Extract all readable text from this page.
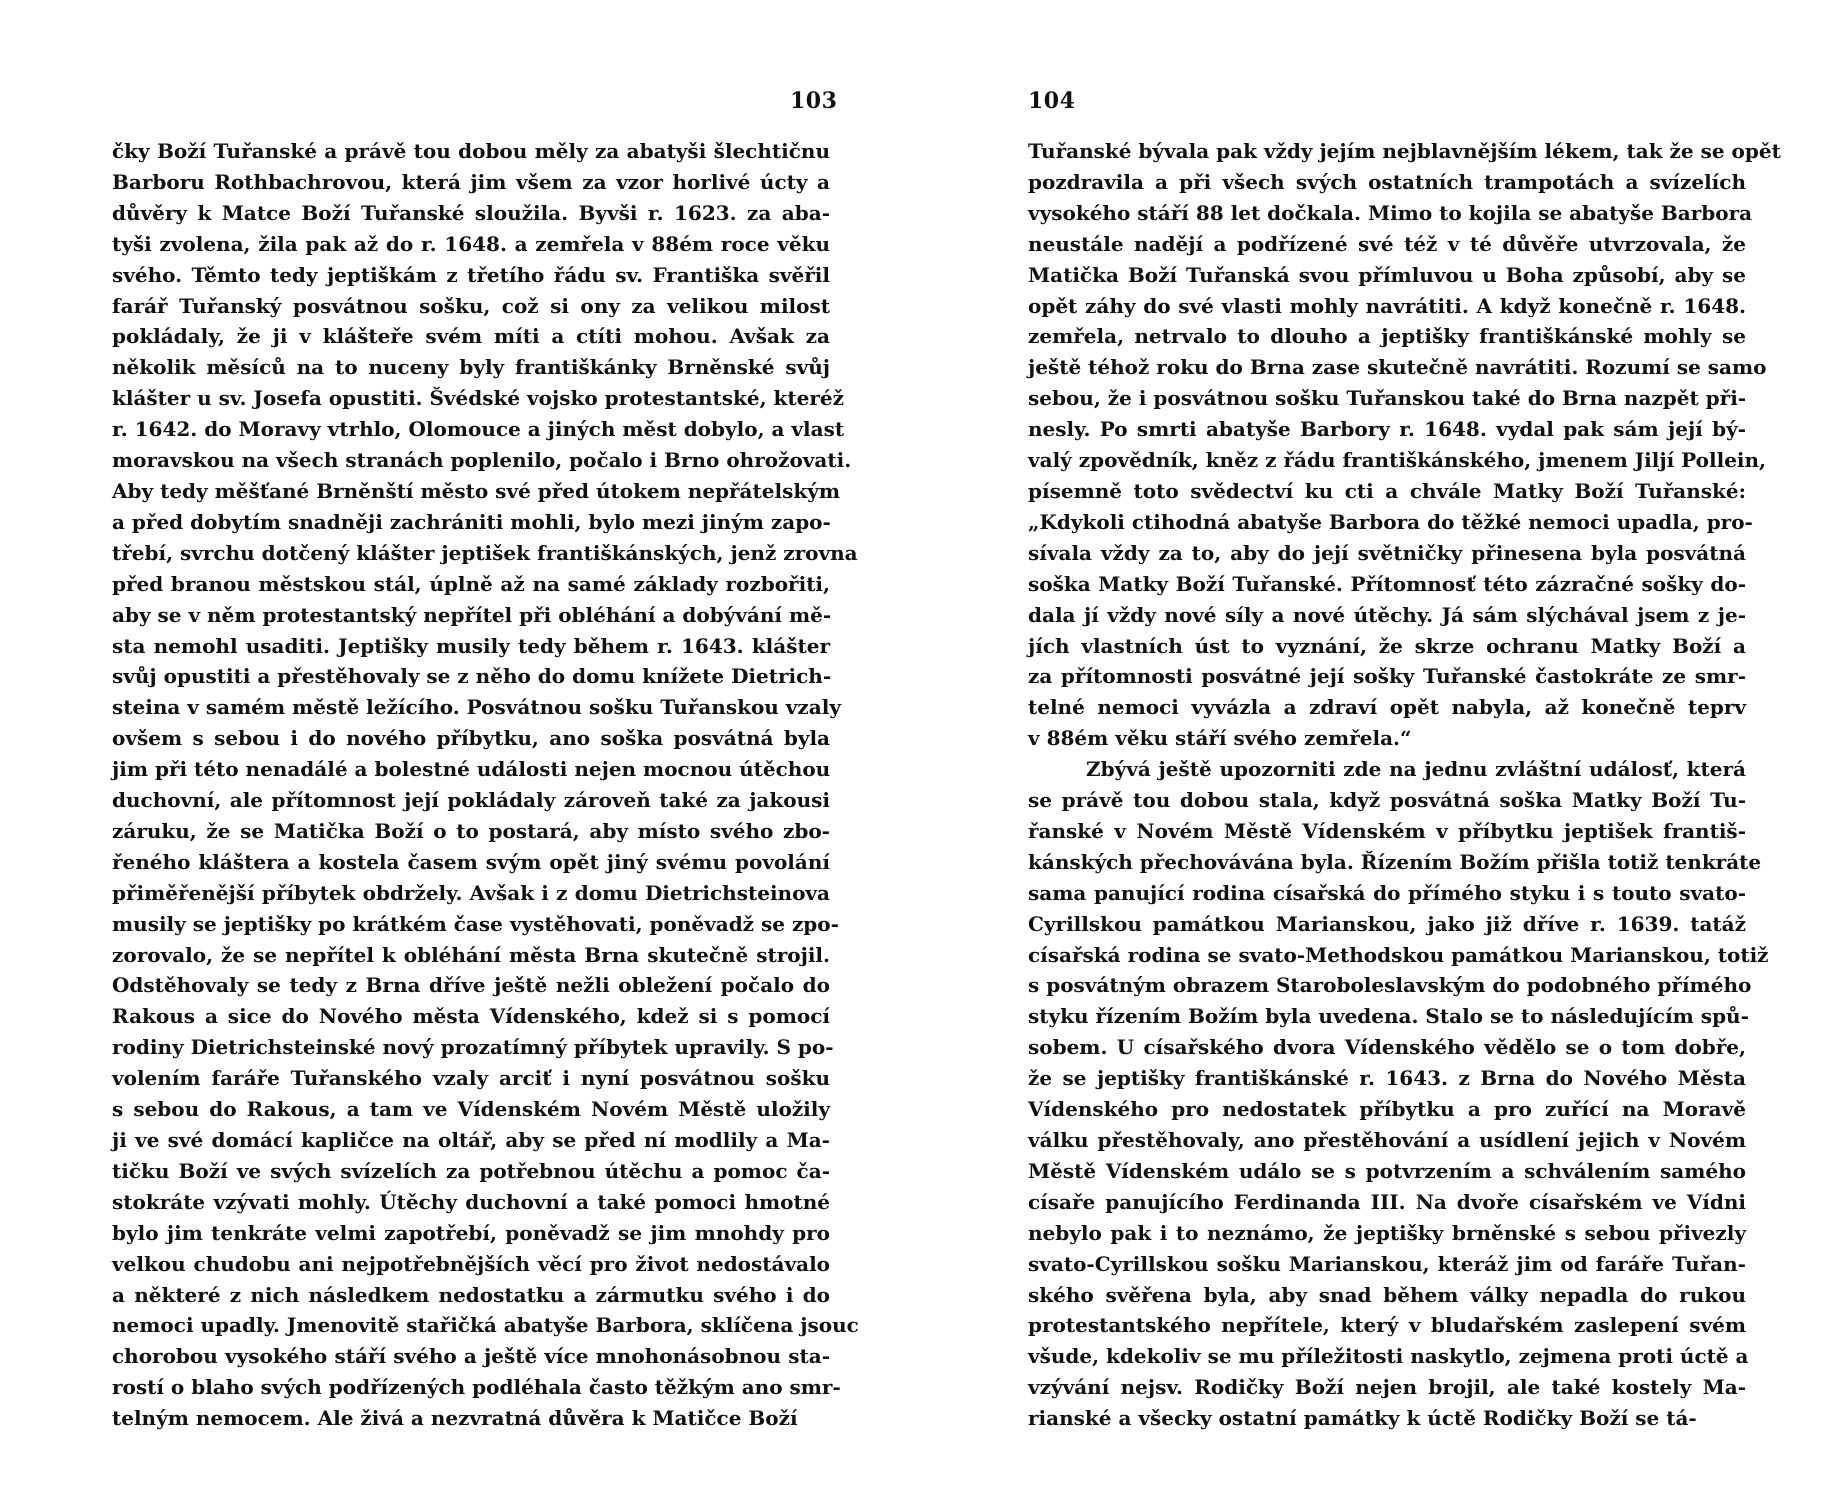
103
čky Boží Tuřanské a právě tou dobou měly za abatyši šlechtičnu
Barboru Rothbachrovou, která jim všem za vzor horlivé úcty a
důvěry k Matce Boží Tuřanské sloužila. Byvši r. 1623. za aba-
tyši zvolena, žila pak až do r. 1648. a zemřela v 88ém roce věku
svého. Těmto tedy jeptiškám z třetího řádu sv. Františka svěřil
farář Tuřanský posvátnou sošku, což si ony za velikou milost
pokládaly, že ji v klášteře svém míti a ctíti mohou. Avšak za
několik měsíců na to nuceny byly františkánky Brněnské svůj
klášter u sv. Josefa opustiti. Švédské vojsko protestantské, kteréž
r. 1642. do Moravy vtrhlo, Olomouce a jiných měst dobylo, a vlast
moravskou na všech stranách poplenilo, počalo i Brno ohrožovati.
Aby tedy měšťané Brněnští město své před útokem nepřátelským
a před dobytím snadněji zachrániti mohli, bylo mezi jiným zapo-
třebí, svrchu dotčený klášter jeptišek františkánských, jenž zrovna
před branou městskou stál, úplně až na samé základy rozbořiti,
aby se v něm protestantský nepřítel při obléhání a dobývání mě-
sta nemohl usaditi. Jeptišky musily tedy během r. 1643. klášter
svůj opustiti a přestěhovaly se z něho do domu knížete Dietrich-
steina v samém městě ležícího. Posvátnou sošku Tuřanskou vzaly
ovšem s sebou i do nového příbytku, ano soška posvátná byla
jim při této nenadálé a bolestné události nejen mocnou útěchou
duchovní, ale přítomnost její pokládaly zároveň také za jakousi
záruku, že se Matička Boží o to postará, aby místo svého zbo-
řeného kláštera a kostela časem svým opět jiný svému povolání
přiměřenější příbytek obdržely. Avšak i z domu Dietrichsteinova
musily se jeptišky po krátkém čase vystěhovati, poněvadž se zpo-
zorovalo, že se nepřítel k obléhání města Brna skutečně strojil.
Odstěhovaly se tedy z Brna dříve ještě nežli obležení počalo do
Rakous a sice do Nového města Vídenského, kdež si s pomocí
rodiny Dietrichsteinské nový prozatímný příbytek upravily. S po-
volením faráře Tuřanského vzaly arciť i nyní posvátnou sošku
s sebou do Rakous, a tam ve Vídenském Novém Městě uložily
ji ve své domácí kapličce na oltář, aby se před ní modlily a Ma-
tičku Boží ve svých svízelích za potřebnou útěchu a pomoc ča-
stokráte vzývati mohly. Útěchy duchovní a také pomoci hmotné
bylo jim tenkráte velmi zapotřebí, poněvadž se jim mnohdy pro
velkou chudobu ani nejpotřebnějších věcí pro život nedostávalo
a některé z nich následkem nedostatku a zármutku svého i do
nemoci upadly. Jmenovitě stařičká abatyše Barbora, sklíčena jsouc
chorobou vysokého stáří svého a ještě více mnohonásobnou sta-
rostí o blaho svých podřízených podléhala často těžkým ano smr-
telným nemocem. Ale živá a nezvratná důvěra k Matičce Boží
104
Tuřanské bývala pak vždy jejím nejblavnějším lékem, tak že se opět
pozdravila a při všech svých ostatních trampotách a svízelích
vysokého stáří 88 let dočkala. Mimo to kojila se abatyše Barbora
neustále nadějí a podřízené své též v té důvěře utvrzovala, že
Matička Boží Tuřanská svou přímluvou u Boha způsobí, aby se
opět záhy do své vlasti mohly navrátiti. A když konečně r. 1648.
zemřela, netrvalo to dlouho a jeptišky františkánské mohly se
ještě téhož roku do Brna zase skutečně navrátiti. Rozumí se samo
sebou, že i posvátnou sošku Tuřanskou také do Brna nazpět při-
nesly. Po smrti abatyše Barbory r. 1648. vydal pak sám její bý-
valý zpovědník, kněz z řádu františkánského, jmenem Jiljí Pollein,
písemně toto svědectví ku cti a chvále Matky Boží Tuřanské:
„Kdykoli ctihodná abatyše Barbora do těžké nemoci upadla, pro-
sívala vždy za to, aby do její světničky přinesena byla posvátná
soška Matky Boží Tuřanské. Přítomnosť této zázračné sošky do-
dala jí vždy nové síly a nové útěchy. Já sám slýchával jsem z je-
jích vlastních úst to vyznání, že skrze ochranu Matky Boží a
za přítomnosti posvátné její sošky Tuřanské častokráte ze smr-
telné nemoci vyvázla a zdraví opět nabyla, až konečně teprv
v 88ém věku stáří svého zemřela.“
Zbývá ještě upozorniti zde na jednu zvláštní událosť, která
se právě tou dobou stala, když posvátná soška Matky Boží Tu-
řanské v Novém Městě Vídenském v příbytku jeptišek františ-
kánských přechovávána byla. Řízením Božím přišla totiž tenkráte
sama panující rodina císařská do přímého styku i s touto svato-
Cyrillskou památkou Marianskou, jako již dříve r. 1639. tatáž
císařská rodina se svato-Methodskou památkou Marianskou, totiž
s posvátným obrazem Staroboleslavským do podobného přímého
styku řízením Božím byla uvedena. Stalo se to následujícím spů-
sobem. U císařského dvora Vídenského vědělo se o tom dobře,
že se jeptišky františkánské r. 1643. z Brna do Nového Města
Vídenského pro nedostatek příbytku a pro zuřící na Moravě
válku přestěhovaly, ano přestěhování a usídlení jejich v Novém
Městě Vídenském událo se s potvrzením a schválením samého
císaře panujícího Ferdinanda III. Na dvoře císařském ve Vídni
nebylo pak i to neznámo, že jeptišky brněnské s sebou přivezly
svato-Cyrillskou sošku Marianskou, kteráž jim od faráře Tuřan-
ského svěřena byla, aby snad během války nepadla do rukou
protestantského nepřítele, který v bludařském zaslepení svém
všude, kdekoliv se mu příležitosti naskytlo, zejmena proti úctě a
vzývání nejsv. Rodičky Boží nejen brojil, ale také kostely Ma-
rianské a všecky ostatní památky k úctě Rodičky Boží se tá-
